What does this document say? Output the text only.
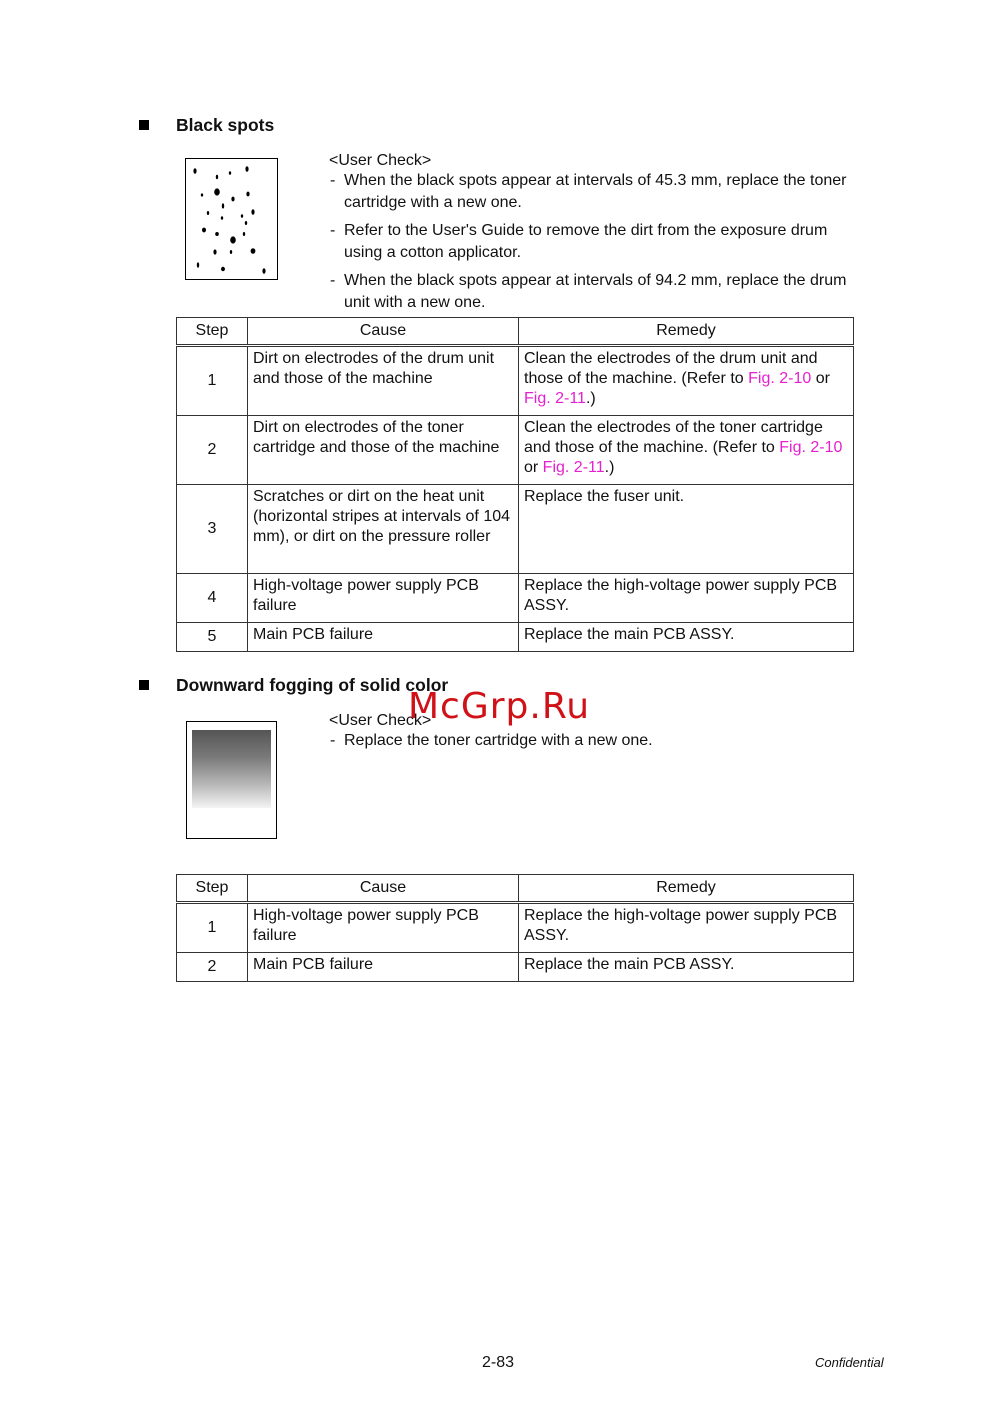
Black spots
<User Check>
- When the black spots appear at intervals of 45.3 mm, replace the toner cartridge with a new one.
- Refer to the User's Guide to remove the dirt from the exposure drum using a cotton applicator.
- When the black spots appear at intervals of 94.2 mm, replace the drum unit with a new one.
Step	Cause	Remedy
1	Dirt on electrodes of the drum unit and those of the machine	Clean the electrodes of the drum unit and those of the machine. (Refer to Fig. 2-10 or Fig. 2-11.)
2	Dirt on electrodes of the toner cartridge and those of the machine	Clean the electrodes of the toner cartridge and those of the machine. (Refer to Fig. 2-10 or Fig. 2-11.)
3	Scratches or dirt on the heat unit (horizontal stripes at intervals of 104 mm), or dirt on the pressure roller	Replace the fuser unit.
4	High-voltage power supply PCB failure	Replace the high-voltage power supply PCB ASSY.
5	Main PCB failure	Replace the main PCB ASSY.
Downward fogging of solid color
<User Check>
- Replace the toner cartridge with a new one.
Step	Cause	Remedy
1	High-voltage power supply PCB failure	Replace the high-voltage power supply PCB ASSY.
2	Main PCB failure	Replace the main PCB ASSY.
McGrp.Ru
2-83	Confidential
